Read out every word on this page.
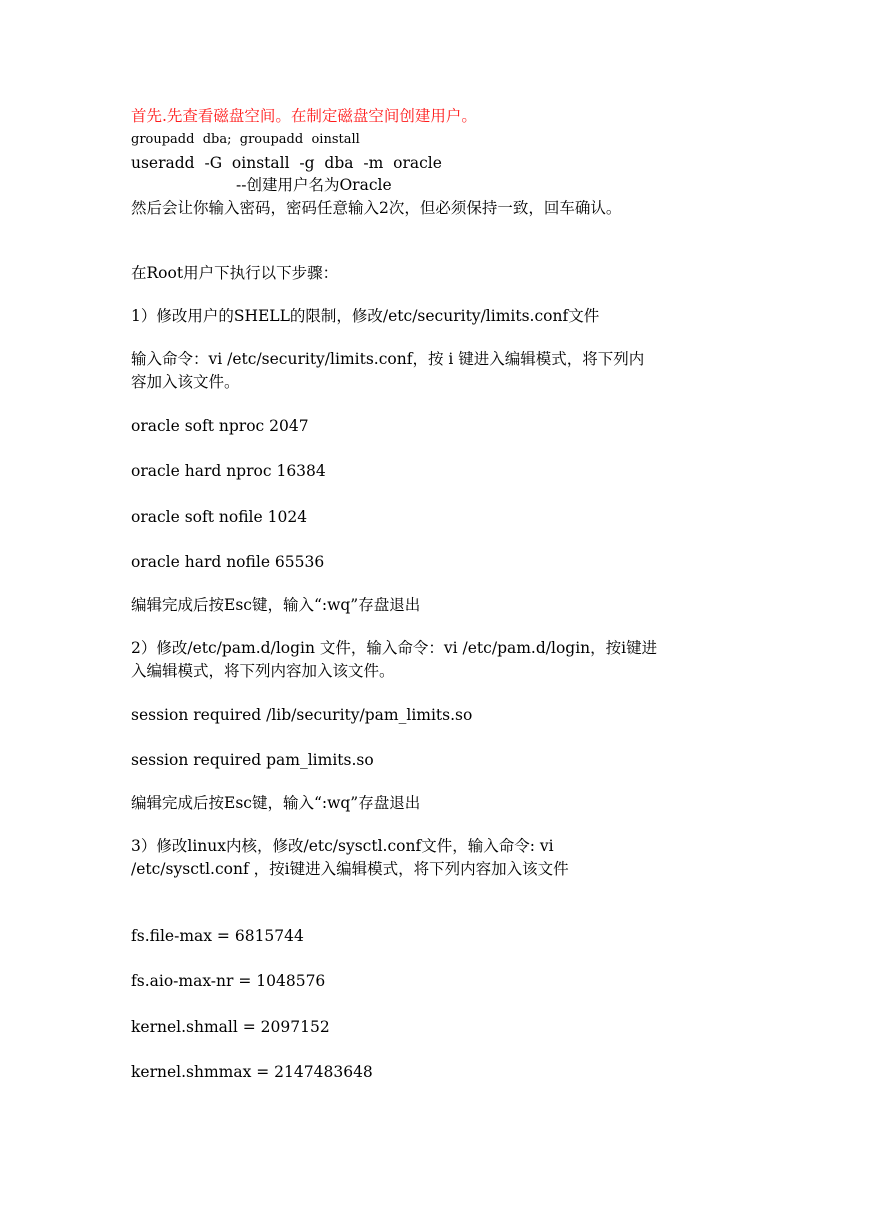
首先.先查看磁盘空间。在制定磁盘空间创建用户。
groupadd  dba;  groupadd  oinstall
useradd  -G  oinstall  -g  dba  -m  oracle
--创建用户名为Oracle
然后会让你输入密码，密码任意输入2次，但必须保持一致，回车确认。
在Root用户下执行以下步骤：
1）修改用户的SHELL的限制，修改/etc/security/limits.conf文件
输入命令：vi /etc/security/limits.conf，按 i 键进入编辑模式，将下列内
容加入该文件。
oracle soft nproc 2047
oracle hard nproc 16384
oracle soft nofile 1024
oracle hard nofile 65536
编辑完成后按Esc键，输入“:wq”存盘退出
2）修改/etc/pam.d/login 文件，输入命令：vi /etc/pam.d/login，按i键进
入编辑模式，将下列内容加入该文件。
session required /lib/security/pam_limits.so
session required pam_limits.so
编辑完成后按Esc键，输入“:wq”存盘退出
3）修改linux内核，修改/etc/sysctl.conf文件，输入命令: vi
/etc/sysctl.conf ，按i键进入编辑模式，将下列内容加入该文件
fs.file-max = 6815744
fs.aio-max-nr = 1048576
kernel.shmall = 2097152
kernel.shmmax = 2147483648
